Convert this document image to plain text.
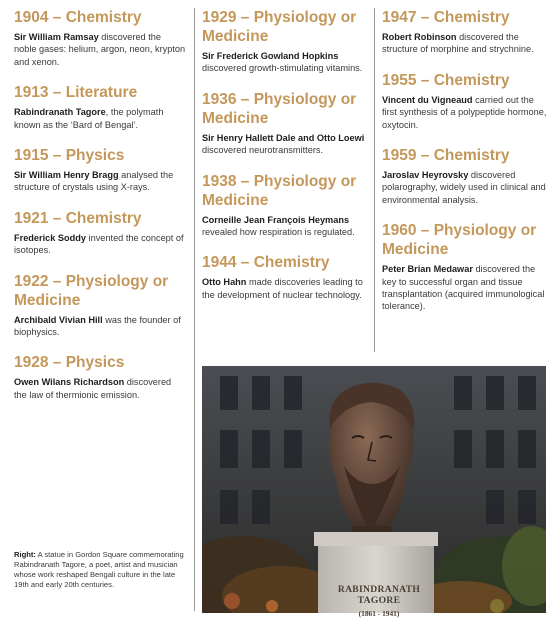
1904 – Chemistry
Sir William Ramsay discovered the noble gases: helium, argon, neon, krypton and xenon.
1913 – Literature
Rabindranath Tagore, the polymath known as the ‘Bard of Bengal’.
1915 – Physics
Sir William Henry Bragg analysed the structure of crystals using X-rays.
1921 – Chemistry
Frederick Soddy invented the concept of isotopes.
1922 – Physiology or Medicine
Archibald Vivian Hill was the founder of biophysics.
1928 – Physics
Owen Wilans Richardson discovered the law of thermionic emission.
1929 – Physiology or Medicine
Sir Frederick Gowland Hopkins discovered growth-stimulating vitamins.
1936 – Physiology or Medicine
Sir Henry Hallett Dale and Otto Loewi discovered neurotransmitters.
1938 – Physiology or Medicine
Corneille Jean François Heymans revealed how respiration is regulated.
1944 – Chemistry
Otto Hahn made discoveries leading to the development of nuclear technology.
1947 – Chemistry
Robert Robinson discovered the structure of morphine and strychnine.
1955 – Chemistry
Vincent du Vigneaud carried out the first synthesis of a polypeptide hormone, oxytocin.
1959 – Chemistry
Jaroslav Heyrovsky discovered polarography, widely used in clinical and environmental analysis.
1960 – Physiology or Medicine
Peter Brian Medawar discovered the key to successful organ and tissue transplantation (acquired immunological tolerance).
Right: A statue in Gordon Square commemorating Rabindranath Tagore, a poet, artist and musician whose work reshaped Bengali culture in the late 19th and early 20th centuries.	RABINDRANATH TAGORE
(1861 - 1941)
